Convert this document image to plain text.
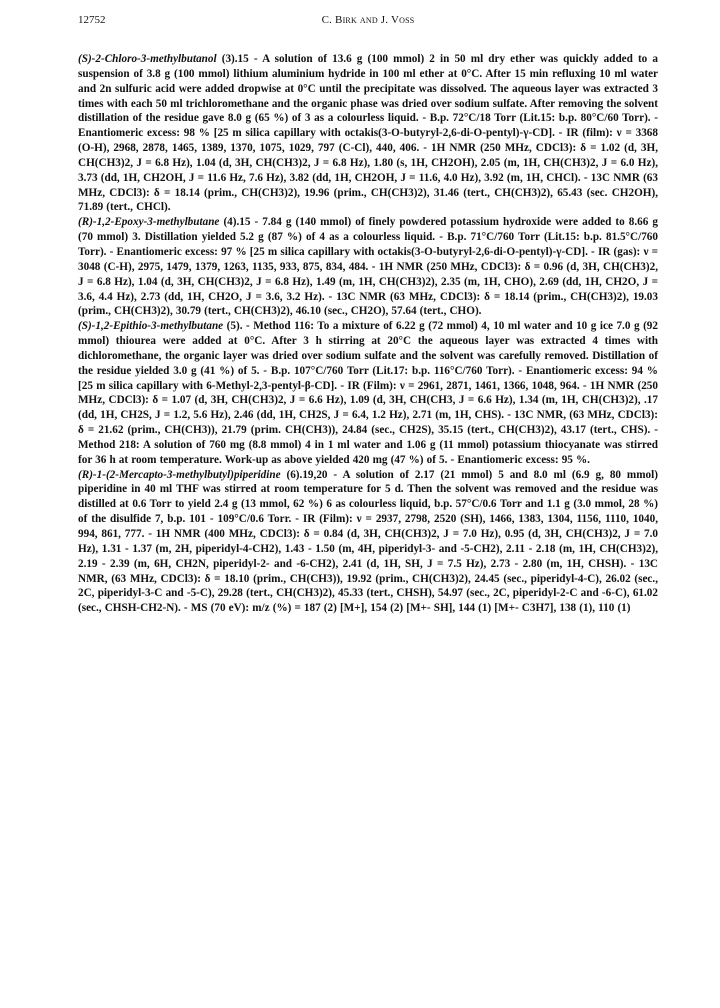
12752	C. Birk and J. Voss

(S)-2-Chloro-3-methylbutanol (3).15 - A solution of 13.6 g (100 mmol) 2 in 50 ml dry ether was quickly added to a suspension of 3.8 g (100 mmol) lithium aluminium hydride in 100 ml ether at 0°C. After 15 min refluxing 10 ml water and 2n sulfuric acid were added dropwise at 0°C until the precipitate was dissolved. The aqueous layer was extracted 3 times with each 50 ml trichloromethane and the organic phase was dried over sodium sulfate. After removing the solvent distillation of the residue gave 8.0 g (65 %) of 3 as a colourless liquid. - B.p. 72°C/18 Torr (Lit.15: b.p. 80°C/60 Torr). - Enantiomeric excess: 98 % [25 m silica capillary with octakis(3-O-butyryl-2,6-di-O-pentyl)-γ-CD]. - IR (film): ν = 3368 (O-H), 2968, 2878, 1465, 1389, 1370, 1075, 1029, 797 (C-Cl), 440, 406. - 1H NMR (250 MHz, CDCl3): δ = 1.02 (d, 3H, CH(CH3)2, J = 6.8 Hz), 1.04 (d, 3H, CH(CH3)2, J = 6.8 Hz), 1.80 (s, 1H, CH2OH), 2.05 (m, 1H, CH(CH3)2, J = 6.0 Hz), 3.73 (dd, 1H, CH2OH, J = 11.6 Hz, 7.6 Hz), 3.82 (dd, 1H, CH2OH, J = 11.6, 4.0 Hz), 3.92 (m, 1H, CHCl). - 13C NMR (63 MHz, CDCl3): δ = 18.14 (prim., CH(CH3)2), 19.96 (prim., CH(CH3)2), 31.46 (tert., CH(CH3)2), 65.43 (sec. CH2OH), 71.89 (tert., CHCl).

(R)-1,2-Epoxy-3-methylbutane (4).15 - 7.84 g (140 mmol) of finely powdered potassium hydroxide were added to 8.66 g (70 mmol) 3. Distillation yielded 5.2 g (87 %) of 4 as a colourless liquid. - B.p. 71°C/760 Torr (Lit.15: b.p. 81.5°C/760 Torr). - Enantiomeric excess: 97 % [25 m silica capillary with octakis(3-O-butyryl-2,6-di-O-pentyl)-γ-CD]. - IR (gas): ν = 3048 (C-H), 2975, 1479, 1379, 1263, 1135, 933, 875, 834, 484. - 1H NMR (250 MHz, CDCl3): δ = 0.96 (d, 3H, CH(CH3)2, J = 6.8 Hz), 1.04 (d, 3H, CH(CH3)2, J = 6.8 Hz), 1.49 (m, 1H, CH(CH3)2), 2.35 (m, 1H, CHO), 2.69 (dd, 1H, CH2O, J = 3.6, 4.4 Hz), 2.73 (dd, 1H, CH2O, J = 3.6, 3.2 Hz). - 13C NMR (63 MHz, CDCl3): δ = 18.14 (prim., CH(CH3)2), 19.03 (prim., CH(CH3)2), 30.79 (tert., CH(CH3)2), 46.10 (sec., CH2O), 57.64 (tert., CHO).

(S)-1,2-Epithio-3-methylbutane (5). - Method 116: To a mixture of 6.22 g (72 mmol) 4, 10 ml water and 10 g ice 7.0 g (92 mmol) thiourea were added at 0°C. After 3 h stirring at 20°C the aqueous layer was extracted 4 times with dichloromethane, the organic layer was dried over sodium sulfate and the solvent was carefully removed. Distillation of the residue yielded 3.0 g (41 %) of 5. - B.p. 107°C/760 Torr (Lit.17: b.p. 116°C/760 Torr). - Enantiomeric excess: 94 % [25 m silica capillary with 6-Methyl-2,3-pentyl-β-CD]. - IR (Film): ν = 2961, 2871, 1461, 1366, 1048, 964. - 1H NMR (250 MHz, CDCl3): δ = 1.07 (d, 3H, CH(CH3)2, J = 6.6 Hz), 1.09 (d, 3H, CH(CH3, J = 6.6 Hz), 1.34 (m, 1H, CH(CH3)2), .17 (dd, 1H, CH2S, J = 1.2, 5.6 Hz), 2.46 (dd, 1H, CH2S, J = 6.4, 1.2 Hz), 2.71 (m, 1H, CHS). - 13C NMR, (63 MHz, CDCl3): δ = 21.62 (prim., CH(CH3)), 21.79 (prim. CH(CH3)), 24.84 (sec., CH2S), 35.15 (tert., CH(CH3)2), 43.17 (tert., CHS). - Method 218: A solution of 760 mg (8.8 mmol) 4 in 1 ml water and 1.06 g (11 mmol) potassium thiocyanate was stirred for 36 h at room temperature. Work-up as above yielded 420 mg (47 %) of 5. - Enantiomeric excess: 95 %.

(R)-1-(2-Mercapto-3-methylbutyl)piperidine (6).19,20 - A solution of 2.17 (21 mmol) 5 and 8.0 ml (6.9 g, 80 mmol) piperidine in 40 ml THF was stirred at room temperature for 5 d. Then the solvent was removed and the residue was distilled at 0.6 Torr to yield 2.4 g (13 mmol, 62 %) 6 as colourless liquid, b.p. 57°C/0.6 Torr and 1.1 g (3.0 mmol, 28 %) of the disulfide 7, b.p. 101 - 109°C/0.6 Torr. - IR (Film): ν = 2937, 2798, 2520 (SH), 1466, 1383, 1304, 1156, 1110, 1040, 994, 861, 777. - 1H NMR (400 MHz, CDCl3): δ = 0.84 (d, 3H, CH(CH3)2, J = 7.0 Hz), 0.95 (d, 3H, CH(CH3)2, J = 7.0 Hz), 1.31 - 1.37 (m, 2H, piperidyl-4-CH2), 1.43 - 1.50 (m, 4H, piperidyl-3- and -5-CH2), 2.11 - 2.18 (m, 1H, CH(CH3)2), 2.19 - 2.39 (m, 6H, CH2N, piperidyl-2- and -6-CH2), 2.41 (d, 1H, SH, J = 7.5 Hz), 2.73 - 2.80 (m, 1H, CHSH). - 13C NMR, (63 MHz, CDCl3): δ = 18.10 (prim., CH(CH3)), 19.92 (prim., CH(CH3)2), 24.45 (sec., piperidyl-4-C), 26.02 (sec., 2C, piperidyl-3-C and -5-C), 29.28 (tert., CH(CH3)2), 45.33 (tert., CHSH), 54.97 (sec., 2C, piperidyl-2-C and -6-C), 61.02 (sec., CHSH-CH2-N). - MS (70 eV): m/z (%) = 187 (2) [M+], 154 (2) [M+- SH], 144 (1) [M+- C3H7], 138 (1), 110 (1)
